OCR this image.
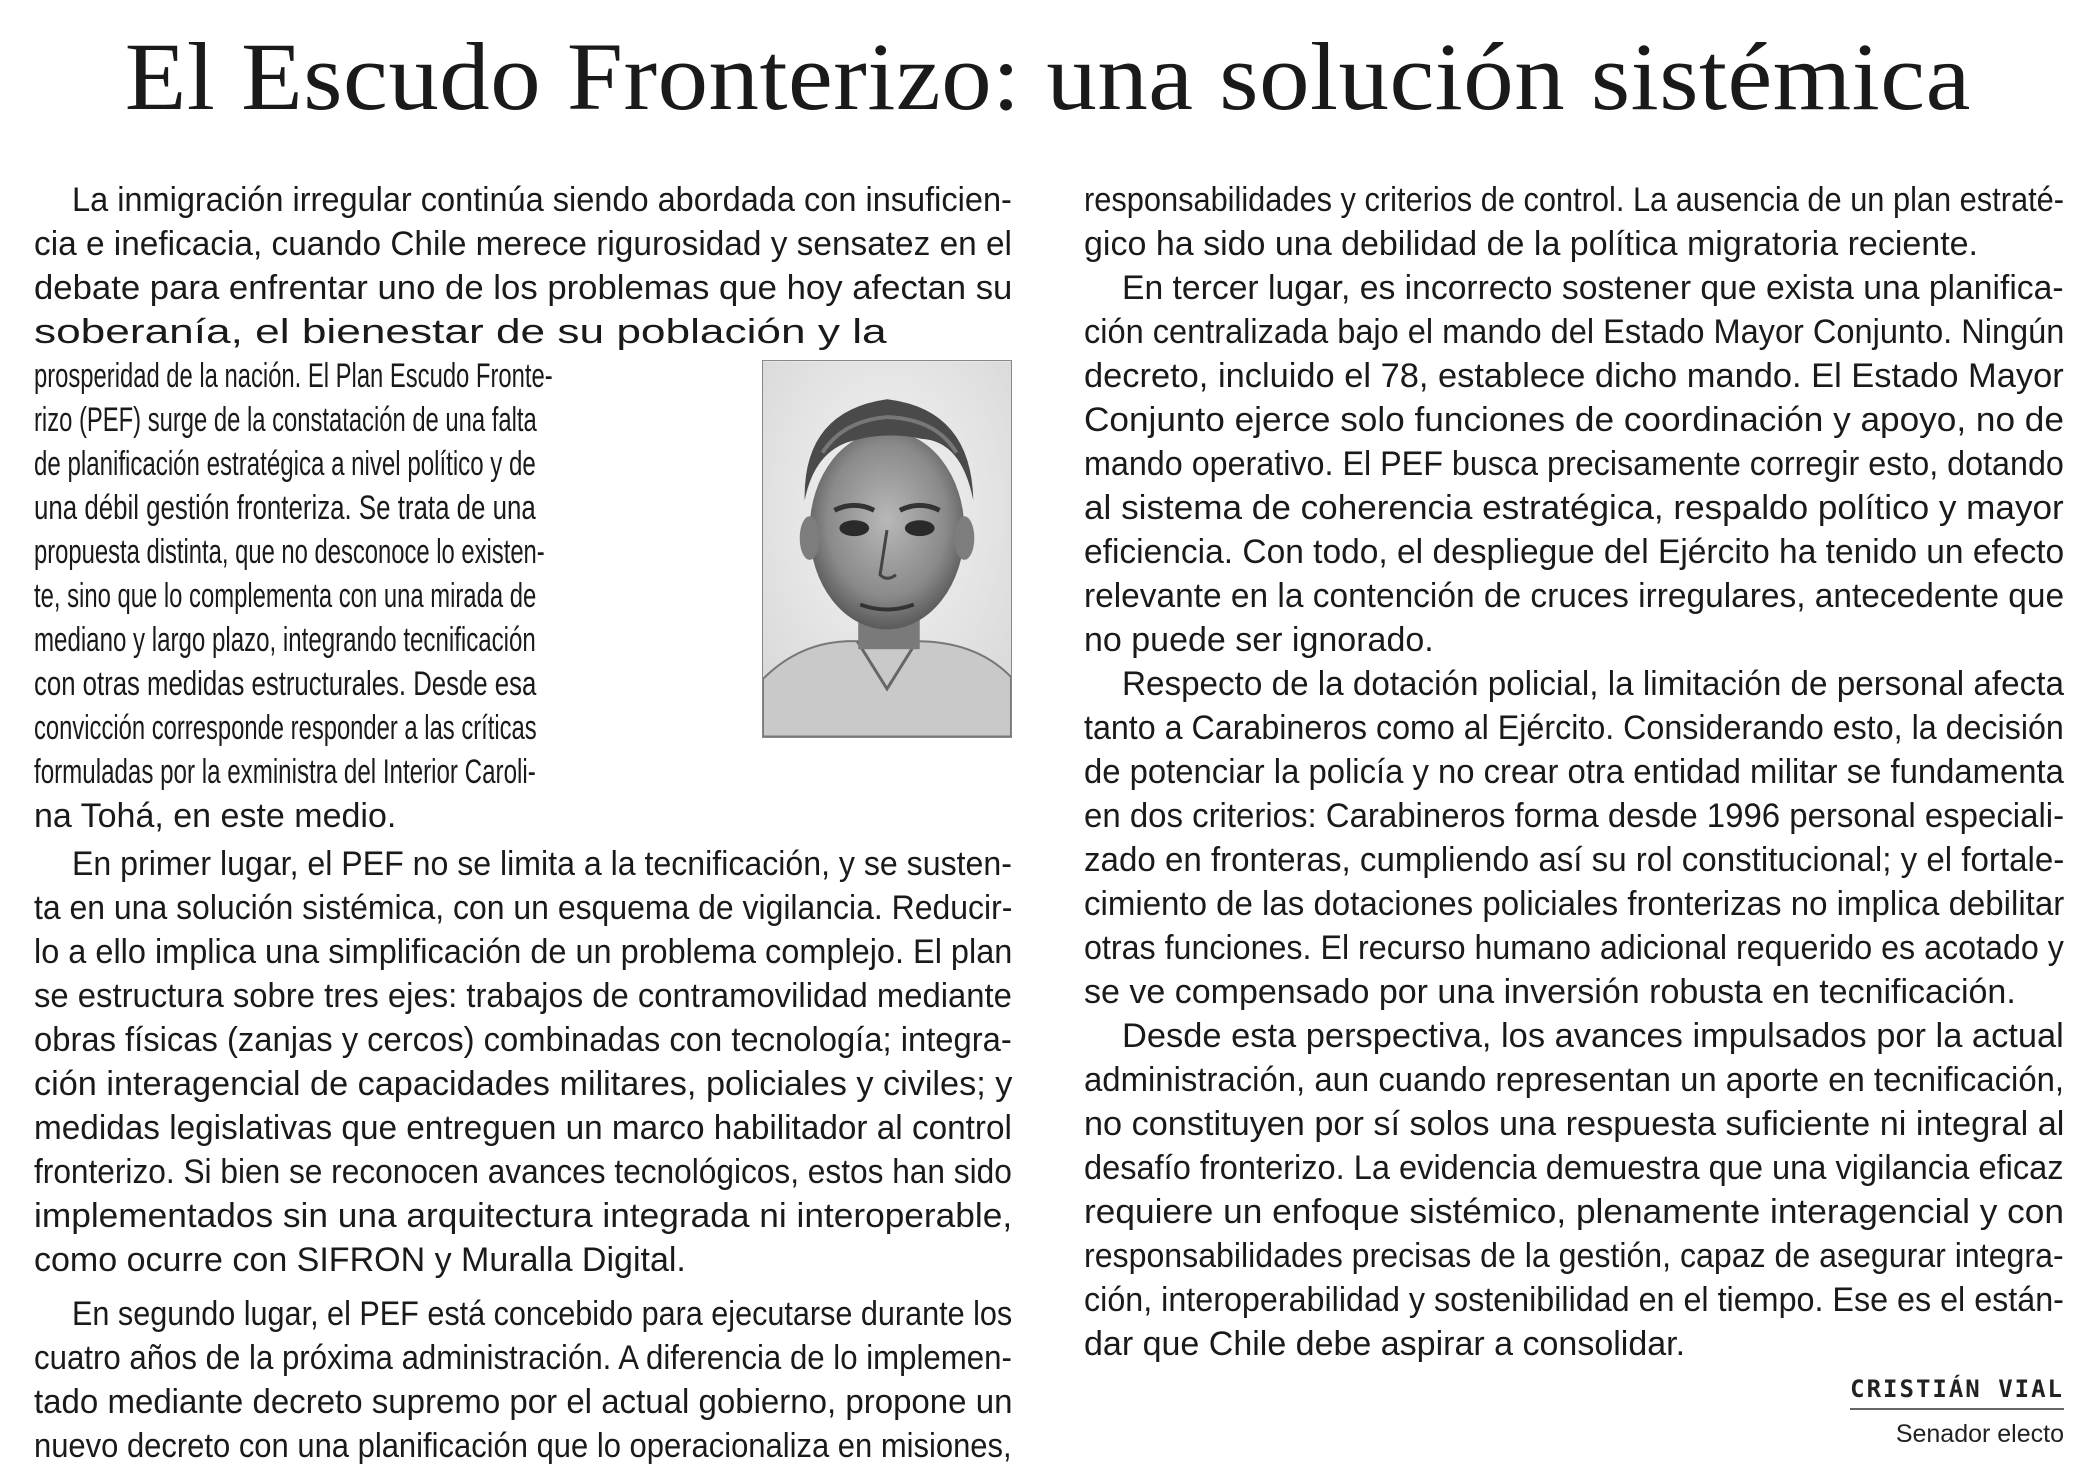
El Escudo Fronterizo: una solución sistémica
La inmigración irregular continúa siendo abordada con insuficien-
cia e ineficacia, cuando Chile merece rigurosidad y sensatez en el
debate para enfrentar uno de los problemas que hoy afectan su
soberanía, el bienestar de su población y la
prosperidad de la nación. El Plan Escudo Fronte-
rizo (PEF) surge de la constatación de una falta
de planificación estratégica a nivel político y de
una débil gestión fronteriza. Se trata de una
propuesta distinta, que no desconoce lo existen-
te, sino que lo complementa con una mirada de
mediano y largo plazo, integrando tecnificación
con otras medidas estructurales. Desde esa
convicción corresponde responder a las críticas
formuladas por la exministra del Interior Caroli-
na Tohá, en este medio.
En primer lugar, el PEF no se limita a la tecnificación, y se susten-
ta en una solución sistémica, con un esquema de vigilancia. Reducir-
lo a ello implica una simplificación de un problema complejo. El plan
se estructura sobre tres ejes: trabajos de contramovilidad mediante
obras físicas (zanjas y cercos) combinadas con tecnología; integra-
ción interagencial de capacidades militares, policiales y civiles; y
medidas legislativas que entreguen un marco habilitador al control
fronterizo. Si bien se reconocen avances tecnológicos, estos han sido
implementados sin una arquitectura integrada ni interoperable,
como ocurre con SIFRON y Muralla Digital.
En segundo lugar, el PEF está concebido para ejecutarse durante los
cuatro años de la próxima administración. A diferencia de lo implemen-
tado mediante decreto supremo por el actual gobierno, propone un
nuevo decreto con una planificación que lo operacionaliza en misiones,
responsabilidades y criterios de control. La ausencia de un plan estraté-
gico ha sido una debilidad de la política migratoria reciente.
En tercer lugar, es incorrecto sostener que exista una planifica-
ción centralizada bajo el mando del Estado Mayor Conjunto. Ningún
decreto, incluido el 78, establece dicho mando. El Estado Mayor
Conjunto ejerce solo funciones de coordinación y apoyo, no de
mando operativo. El PEF busca precisamente corregir esto, dotando
al sistema de coherencia estratégica, respaldo político y mayor
eficiencia. Con todo, el despliegue del Ejército ha tenido un efecto
relevante en la contención de cruces irregulares, antecedente que
no puede ser ignorado.
Respecto de la dotación policial, la limitación de personal afecta
tanto a Carabineros como al Ejército. Considerando esto, la decisión
de potenciar la policía y no crear otra entidad militar se fundamenta
en dos criterios: Carabineros forma desde 1996 personal especiali-
zado en fronteras, cumpliendo así su rol constitucional; y el fortale-
cimiento de las dotaciones policiales fronterizas no implica debilitar
otras funciones. El recurso humano adicional requerido es acotado y
se ve compensado por una inversión robusta en tecnificación.
Desde esta perspectiva, los avances impulsados por la actual
administración, aun cuando representan un aporte en tecnificación,
no constituyen por sí solos una respuesta suficiente ni integral al
desafío fronterizo. La evidencia demuestra que una vigilancia eficaz
requiere un enfoque sistémico, plenamente interagencial y con
responsabilidades precisas de la gestión, capaz de asegurar integra-
ción, interoperabilidad y sostenibilidad en el tiempo. Ese es el están-
dar que Chile debe aspirar a consolidar.
CRISTIÁN VIAL
Senador electo
